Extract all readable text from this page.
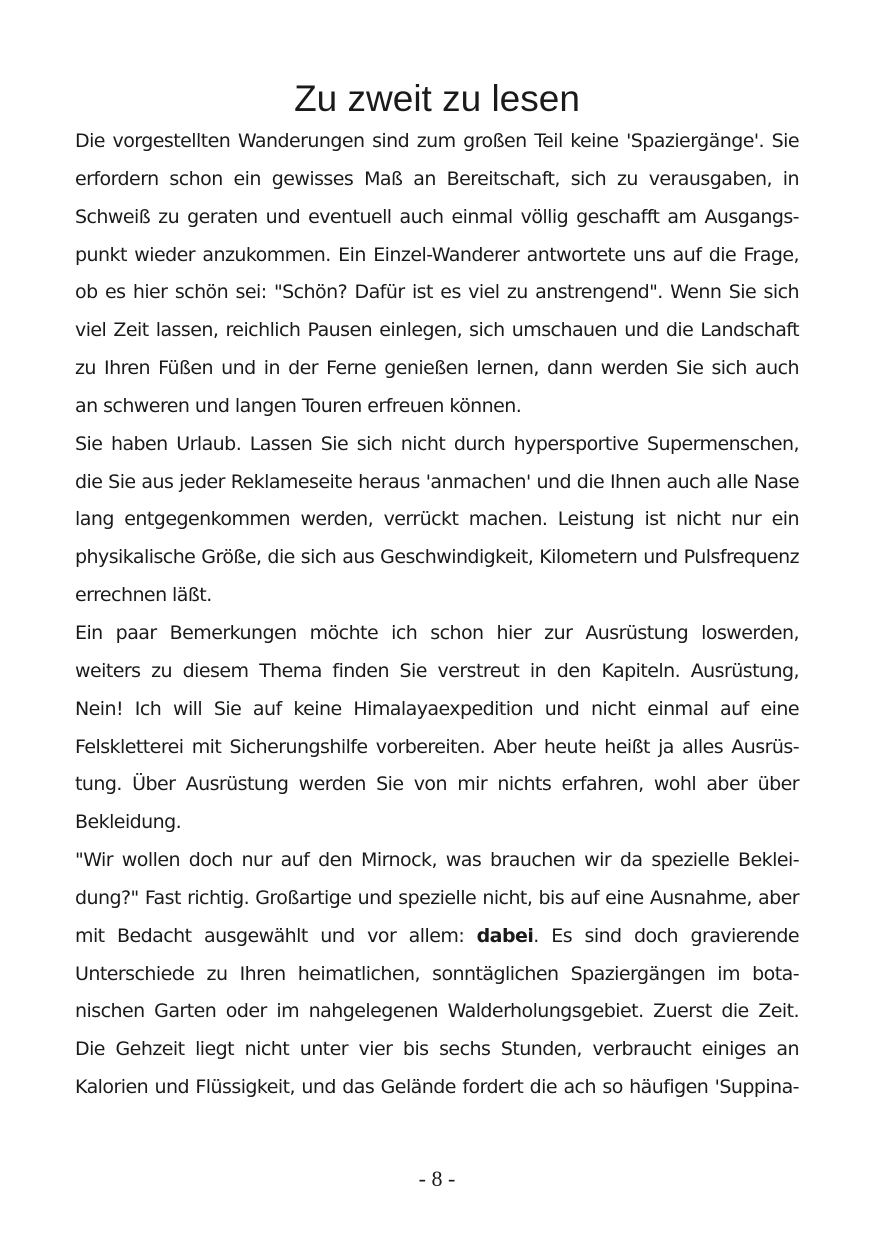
Zu zweit zu lesen
Die vorgestellten Wanderungen sind zum großen Teil keine 'Spaziergänge'. Sie
erfordern schon ein gewisses Maß an Bereitschaft, sich zu verausgaben, in
Schweiß zu geraten und eventuell auch einmal völlig geschafft am Ausgangs-
punkt wieder anzukommen. Ein Einzel-Wanderer antwortete uns auf die Frage,
ob es hier schön sei: "Schön? Dafür ist es viel zu anstrengend". Wenn Sie sich
viel Zeit lassen, reichlich Pausen einlegen, sich umschauen und die Landschaft
zu Ihren Füßen und in der Ferne genießen lernen, dann werden Sie sich auch
an schweren und langen Touren erfreuen können.
Sie haben Urlaub. Lassen Sie sich nicht durch hypersportive Supermenschen,
die Sie aus jeder Reklameseite heraus 'anmachen' und die Ihnen auch alle Nase
lang entgegenkommen werden, verrückt machen. Leistung ist nicht nur ein
physikalische Größe, die sich aus Geschwindigkeit, Kilometern und Pulsfrequenz
errechnen läßt.
Ein paar Bemerkungen möchte ich schon hier zur Ausrüstung loswerden,
weiters zu diesem Thema finden Sie verstreut in den Kapiteln. Ausrüstung,
Nein! Ich will Sie auf keine Himalayaexpedition und nicht einmal auf eine
Felskletterei mit Sicherungshilfe vorbereiten. Aber heute heißt ja alles Ausrüs-
tung. Über Ausrüstung werden Sie von mir nichts erfahren, wohl aber über
Bekleidung.
"Wir wollen doch nur auf den Mirnock, was brauchen wir da spezielle Beklei-
dung?" Fast richtig. Großartige und spezielle nicht, bis auf eine Ausnahme, aber
mit Bedacht ausgewählt und vor allem: dabei. Es sind doch gravierende
Unterschiede zu Ihren heimatlichen, sonntäglichen Spaziergängen im bota-
nischen Garten oder im nahgelegenen Walderholungsgebiet. Zuerst die Zeit.
Die Gehzeit liegt nicht unter vier bis sechs Stunden, verbraucht einiges an
Kalorien und Flüssigkeit, und das Gelände fordert die ach so häufigen 'Suppina-
- 8 -
